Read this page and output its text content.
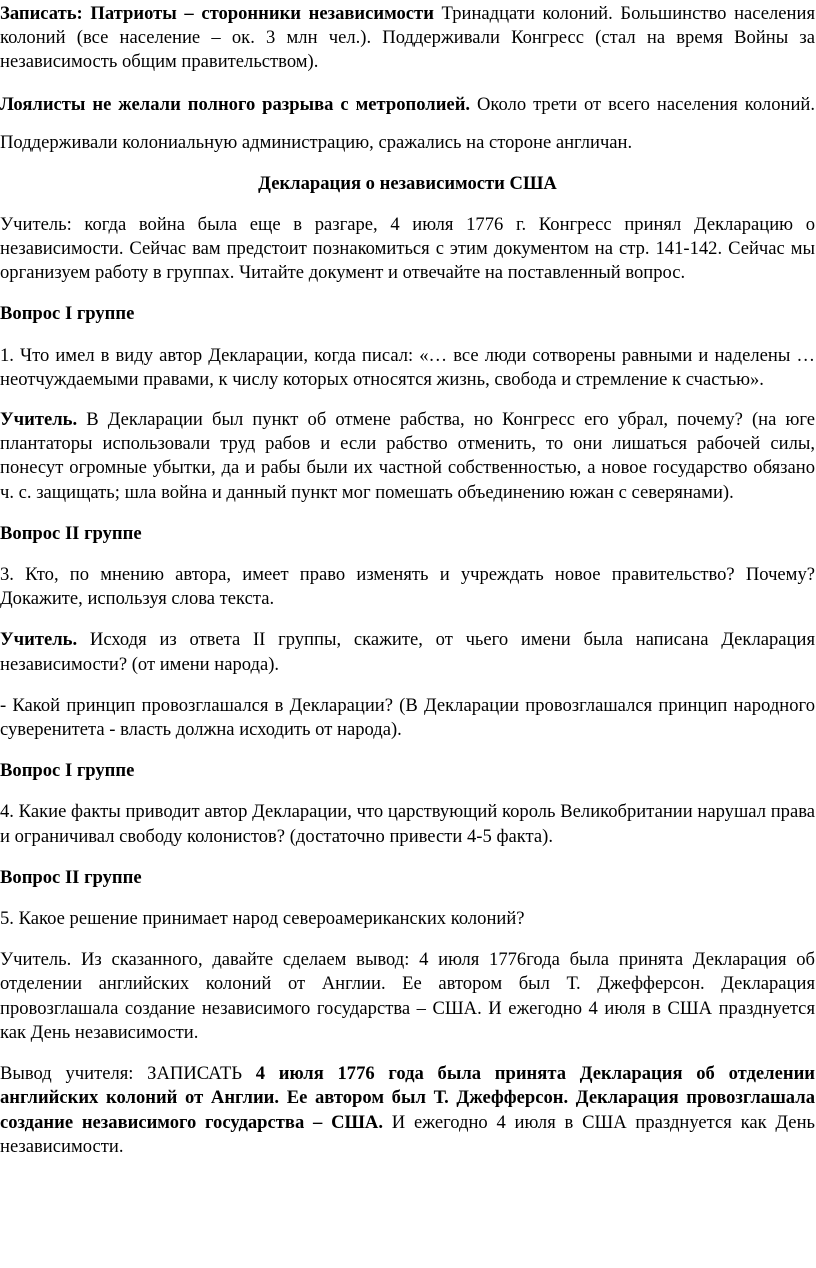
Записать: Патриоты – сторонники независимости Тринадцати колоний. Большинство населения колоний (все население – ок. 3 млн чел.). Поддерживали Конгресс (стал на время Войны за независимость общим правительством).

Лоялисты не желали полного разрыва с метрополией. Около трети от всего населения колоний. Поддерживали колониальную администрацию, сражались на стороне англичан.

Декларация о независимости США

Учитель: когда война была еще в разгаре, 4 июля 1776 г. Конгресс принял Декларацию о независимости. Сейчас вам предстоит познакомиться с этим документом на стр. 141-142. Сейчас мы организуем работу в группах. Читайте документ и отвечайте на поставленный вопрос.

Вопрос I группе

1. Что имел в виду автор Декларации, когда писал: «… все люди сотворены равными и наделены … неотчуждаемыми правами, к числу которых относятся жизнь, свобода и стремление к счастью».

Учитель. В Декларации был пункт об отмене рабства, но Конгресс его убрал, почему? (на юге плантаторы использовали труд рабов и если рабство отменить, то они лишаться рабочей силы, понесут огромные убытки, да и рабы были их частной собственностью, а новое государство обязано ч. с. защищать; шла война и данный пункт мог помешать объединению южан с северянами).

Вопрос II группе

3. Кто, по мнению автора, имеет право изменять и учреждать новое правительство? Почему? Докажите, используя слова текста.

Учитель. Исходя из ответа II группы, скажите, от чьего имени была написана Декларация независимости? (от имени народа).

- Какой принцип провозглашался в Декларации? (В Декларации провозглашался принцип народного суверенитета - власть должна исходить от народа).

Вопрос I группе

4. Какие факты приводит автор Декларации, что царствующий король Великобритании нарушал права и ограничивал свободу колонистов? (достаточно привести 4-5 факта).

Вопрос II группе

5. Какое решение принимает народ североамериканских колоний?

Учитель. Из сказанного, давайте сделаем вывод: 4 июля 1776года была принята Декларация об отделении английских колоний от Англии. Ее автором был Т. Джефферсон. Декларация провозглашала создание независимого государства – США. И ежегодно 4 июля в США празднуется как День независимости.

Вывод учителя: ЗАПИСАТЬ 4 июля 1776 года была принята Декларация об отделении английских колоний от Англии. Ее автором был Т. Джефферсон. Декларация провозглашала создание независимого государства – США. И ежегодно 4 июля в США празднуется как День независимости.
